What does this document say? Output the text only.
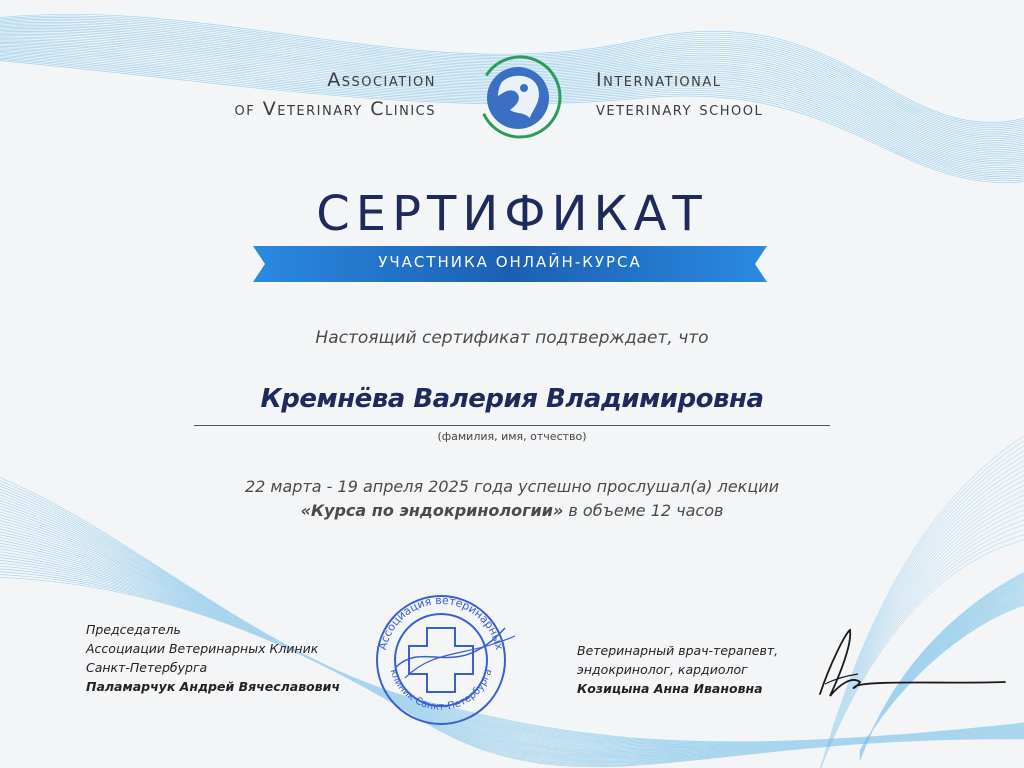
Association
of Veterinary Clinics
International
veterinary school
СЕРТИФИКАТ
УЧАСТНИКА ОНЛАЙН-КУРСА
Настоящий сертификат подтверждает, что
Кремнёва Валерия Владимировна
(фамилия, имя, отчество)
22 марта - 19 апреля 2025 года успешно прослушал(а) лекции
«Курса по эндокринологии» в объеме 12 часов
Председатель
Ассоциации Ветеринарных Клиник
Санкт-Петербурга
Паламарчук Андрей Вячеславович
Ассоциация ветеринарных
клиник Санкт-Петербурга
Ветеринарный врач-терапевт,
эндокринолог, кардиолог
Козицына Анна Ивановна
